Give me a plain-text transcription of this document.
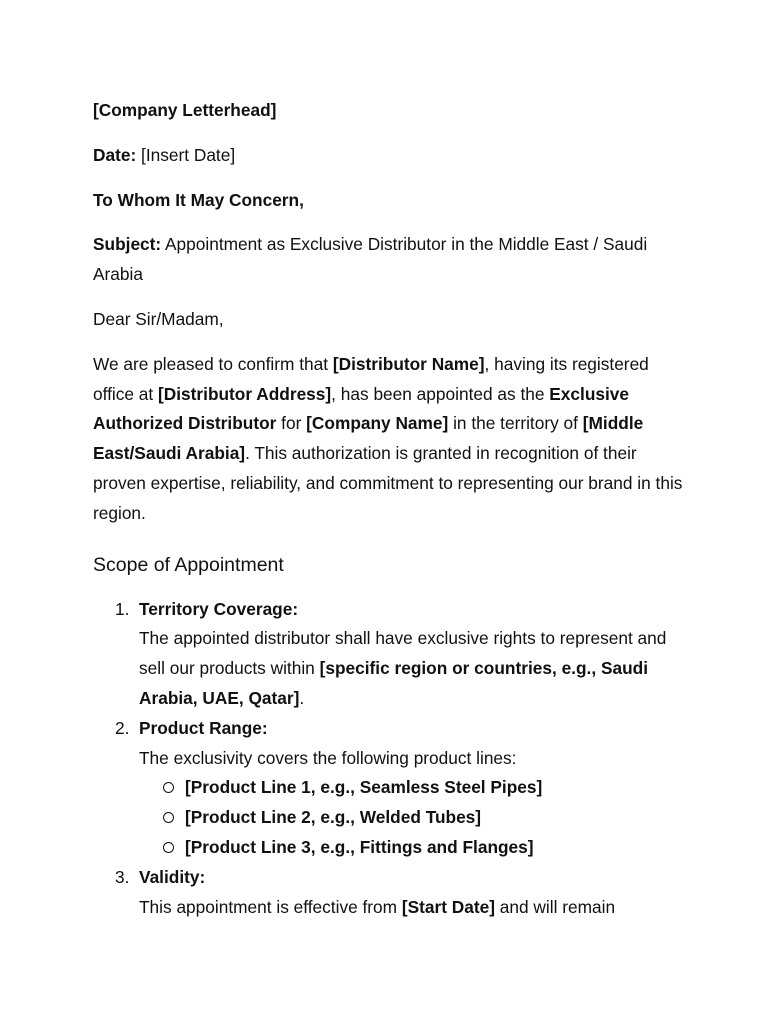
[Company Letterhead]

Date: [Insert Date]

To Whom It May Concern,

Subject: Appointment as Exclusive Distributor in the Middle East / Saudi Arabia

Dear Sir/Madam,

We are pleased to confirm that [Distributor Name], having its registered office at [Distributor Address], has been appointed as the Exclusive Authorized Distributor for [Company Name] in the territory of [Middle East/Saudi Arabia]. This authorization is granted in recognition of their proven expertise, reliability, and commitment to representing our brand in this region.

Scope of Appointment
1. Territory Coverage:
The appointed distributor shall have exclusive rights to represent and sell our products within [specific region or countries, e.g., Saudi Arabia, UAE, Qatar].
2. Product Range:
The exclusivity covers the following product lines:
[Product Line 1, e.g., Seamless Steel Pipes]
[Product Line 2, e.g., Welded Tubes]
[Product Line 3, e.g., Fittings and Flanges]
3. Validity:
This appointment is effective from [Start Date] and will remain
